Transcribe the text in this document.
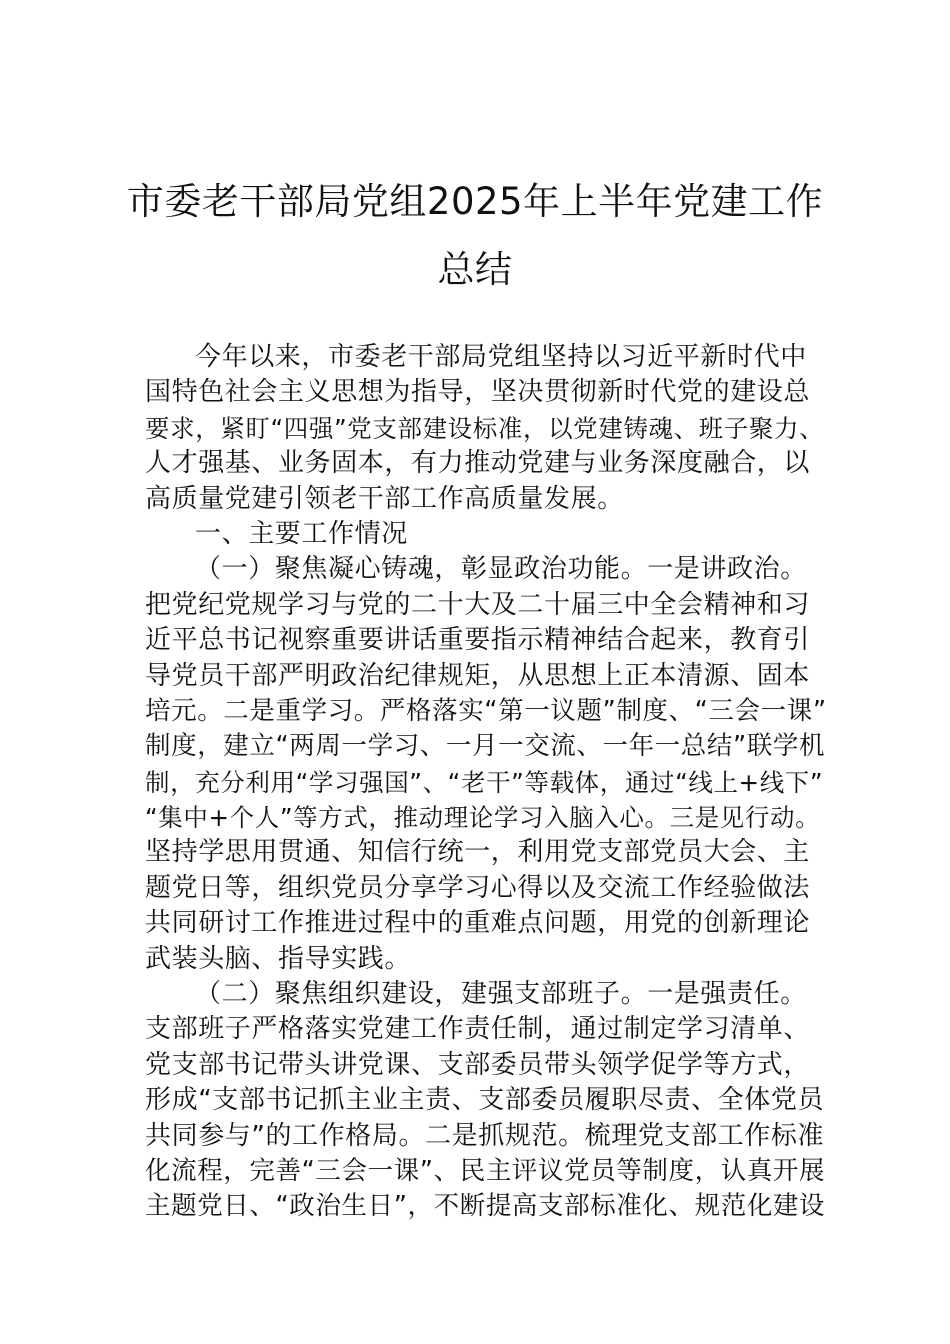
市委老干部局党组2025年上半年党建工作
总结
今年以来，市委老干部局党组坚持以习近平新时代中
国特色社会主义思想为指导，坚决贯彻新时代党的建设总
要求，紧盯“四强”党支部建设标准，以党建铸魂、班子聚力、
人才强基、业务固本，有力推动党建与业务深度融合，以
高质量党建引领老干部工作高质量发展。
一、主要工作情况
（一）聚焦凝心铸魂，彰显政治功能。一是讲政治。
把党纪党规学习与党的二十大及二十届三中全会精神和习
近平总书记视察重要讲话重要指示精神结合起来，教育引
导党员干部严明政治纪律规矩，从思想上正本清源、固本
培元。二是重学习。严格落实“第一议题”制度、“三会一课”
制度，建立“两周一学习、一月一交流、一年一总结”联学机
制，充分利用“学习强国”、“老干”等载体，通过“线上+线下”
“集中+个人”等方式，推动理论学习入脑入心。三是见行动。
坚持学思用贯通、知信行统一，利用党支部党员大会、主
题党日等，组织党员分享学习心得以及交流工作经验做法
共同研讨工作推进过程中的重难点问题，用党的创新理论
武装头脑、指导实践。
（二）聚焦组织建设，建强支部班子。一是强责任。
支部班子严格落实党建工作责任制，通过制定学习清单、
党支部书记带头讲党课、支部委员带头领学促学等方式，
形成“支部书记抓主业主责、支部委员履职尽责、全体党员
共同参与”的工作格局。二是抓规范。梳理党支部工作标准
化流程，完善“三会一课”、民主评议党员等制度，认真开展
主题党日、“政治生日”，不断提高支部标准化、规范化建设
